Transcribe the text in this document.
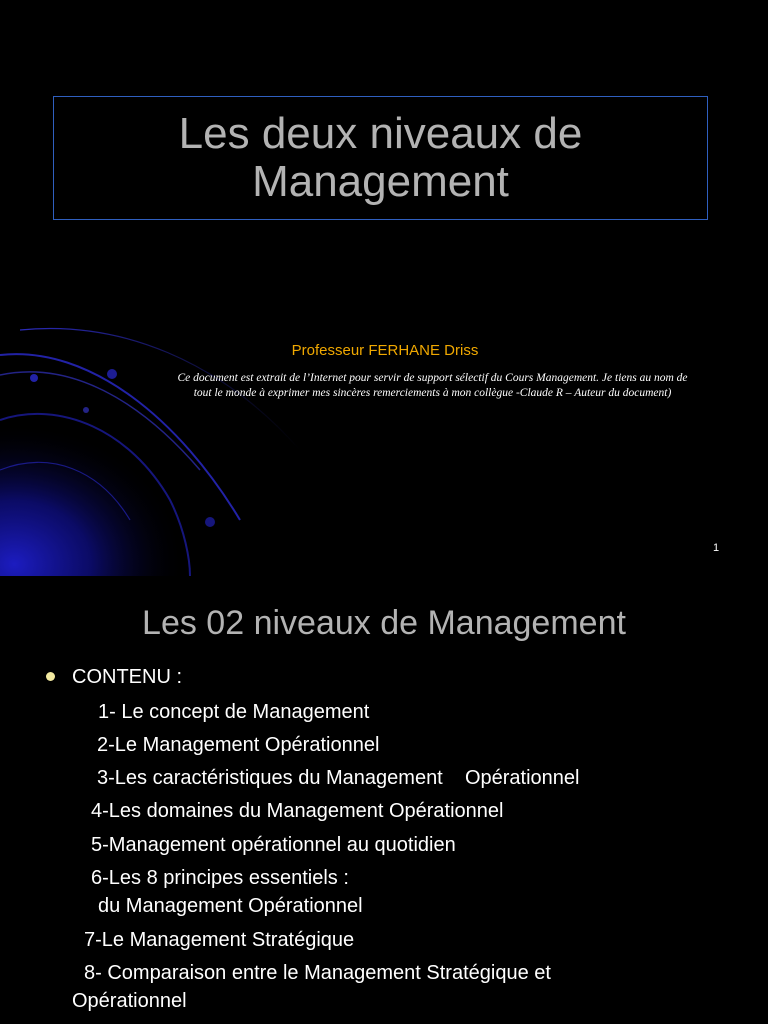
Les deux niveaux de
Management
Professeur FERHANE Driss
Ce document est extrait de l’Internet pour servir de support sélectif du Cours Management. Je tiens au nom de tout le monde à exprimer mes sincères remerciements à mon collègue -Claude R – Auteur du document)
1
Les 02 niveaux de Management
CONTENU :
1- Le concept de Management
2-Le Management Opérationnel
3-Les caractéristiques du Management    Opérationnel
4-Les domaines du Management Opérationnel
5-Management opérationnel au quotidien
6-Les 8 principes essentiels :
du Management Opérationnel
7-Le Management Stratégique
8- Comparaison entre le Management Stratégique et
Opérationnel
